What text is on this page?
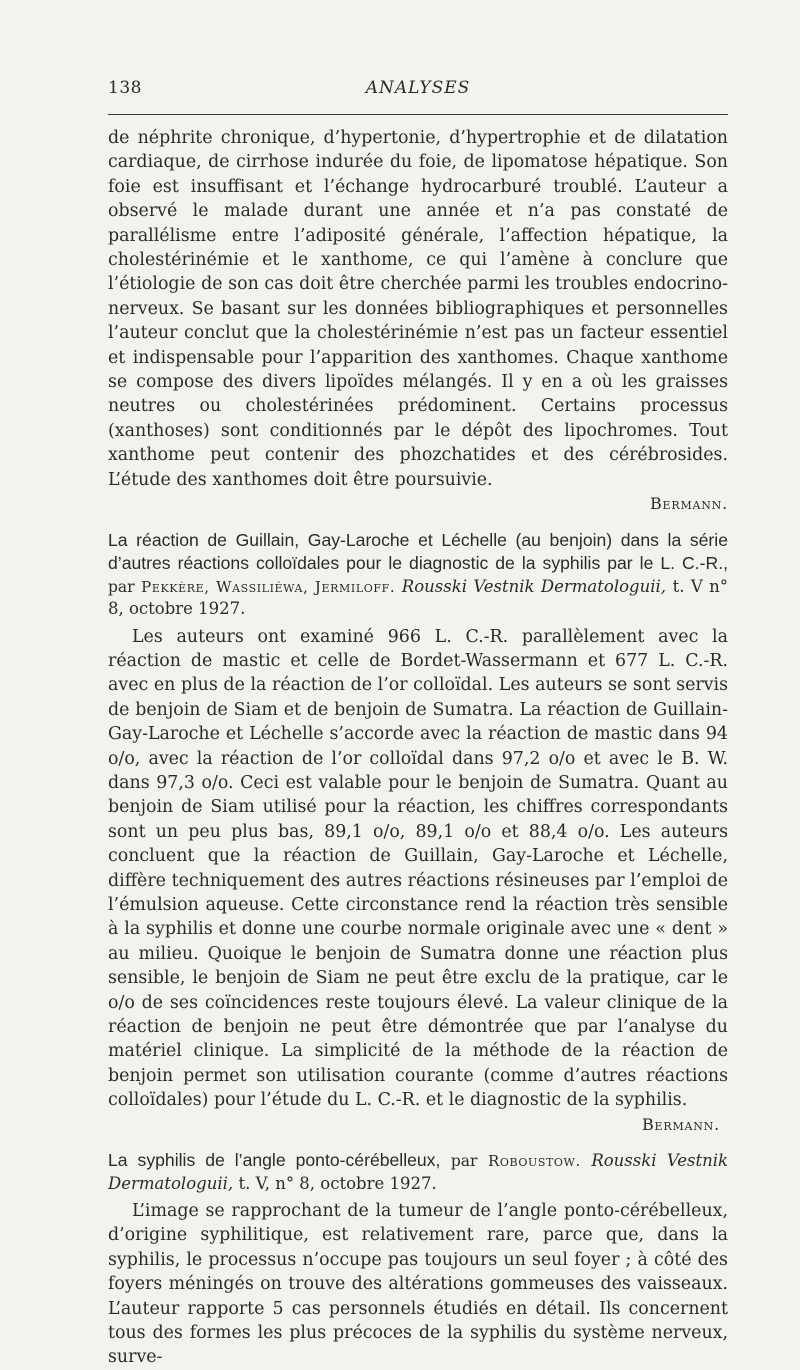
138	ANALYSES

de néphrite chronique, d’hypertonie, d’hypertrophie et de dilatation cardiaque, de cirrhose indurée du foie, de lipomatose hépatique. Son foie est insuffisant et l’échange hydrocarburé troublé. L’auteur a observé le malade durant une année et n’a pas constaté de parallélisme entre l’adiposité générale, l’affection hépatique, la cholestérinémie et le xanthome, ce qui l’amène à conclure que l’étiologie de son cas doit être cherchée parmi les troubles endocrino-nerveux. Se basant sur les données bibliographiques et personnelles l’auteur conclut que la cholestérinémie n’est pas un facteur essentiel et indispensable pour l’apparition des xanthomes. Chaque xanthome se compose des divers lipoïdes mélangés. Il y en a où les graisses neutres ou cholestérinées prédominent. Certains processus (xanthoses) sont conditionnés par le dépôt des lipochromes. Tout xanthome peut contenir des phozchatides et des cérébrosides. L’étude des xanthomes doit être poursuivie.

Bermann.

La réaction de Guillain, Gay-Laroche et Léchelle (au benjoin) dans la série d’autres réactions colloïdales pour le diagnostic de la syphilis par le L. C.-R., par Pekkère, Wassiliéwa, Jermiloff. Rousski Vestnik Dermatologuii, t. V n° 8, octobre 1927.

Les auteurs ont examiné 966 L. C.-R. parallèlement avec la réaction de mastic et celle de Bordet-Wassermann et 677 L. C.-R. avec en plus de la réaction de l’or colloïdal. Les auteurs se sont servis de benjoin de Siam et de benjoin de Sumatra. La réaction de Guillain-Gay-Laroche et Léchelle s’accorde avec la réaction de mastic dans 94 o/o, avec la réaction de l’or colloïdal dans 97,2 o/o et avec le B. W. dans 97,3 o/o. Ceci est valable pour le benjoin de Sumatra. Quant au benjoin de Siam utilisé pour la réaction, les chiffres correspondants sont un peu plus bas, 89,1 o/o, 89,1 o/o et 88,4 o/o. Les auteurs concluent que la réaction de Guillain, Gay-Laroche et Léchelle, diffère techniquement des autres réactions résineuses par l’emploi de l’émulsion aqueuse. Cette circonstance rend la réaction très sensible à la syphilis et donne une courbe normale originale avec une « dent » au milieu. Quoique le benjoin de Sumatra donne une réaction plus sensible, le benjoin de Siam ne peut être exclu de la pratique, car le o/o de ses coïncidences reste toujours élevé. La valeur clinique de la réaction de benjoin ne peut être démontrée que par l’analyse du matériel clinique. La simplicité de la méthode de la réaction de benjoin permet son utilisation courante (comme d’autres réactions colloïdales) pour l’étude du L. C.-R. et le diagnostic de la syphilis.
Bermann.

La syphilis de l’angle ponto-cérébelleux, par Roboustow. Rousski Vestnik Dermatologuii, t. V, n° 8, octobre 1927.

L’image se rapprochant de la tumeur de l’angle ponto-cérébelleux, d’origine syphilitique, est relativement rare, parce que, dans la syphilis, le processus n’occupe pas toujours un seul foyer ; à côté des foyers méningés on trouve des altérations gommeuses des vaisseaux. L’auteur rapporte 5 cas personnels étudiés en détail. Ils concernent tous des formes les plus précoces de la syphilis du système nerveux, surve-
